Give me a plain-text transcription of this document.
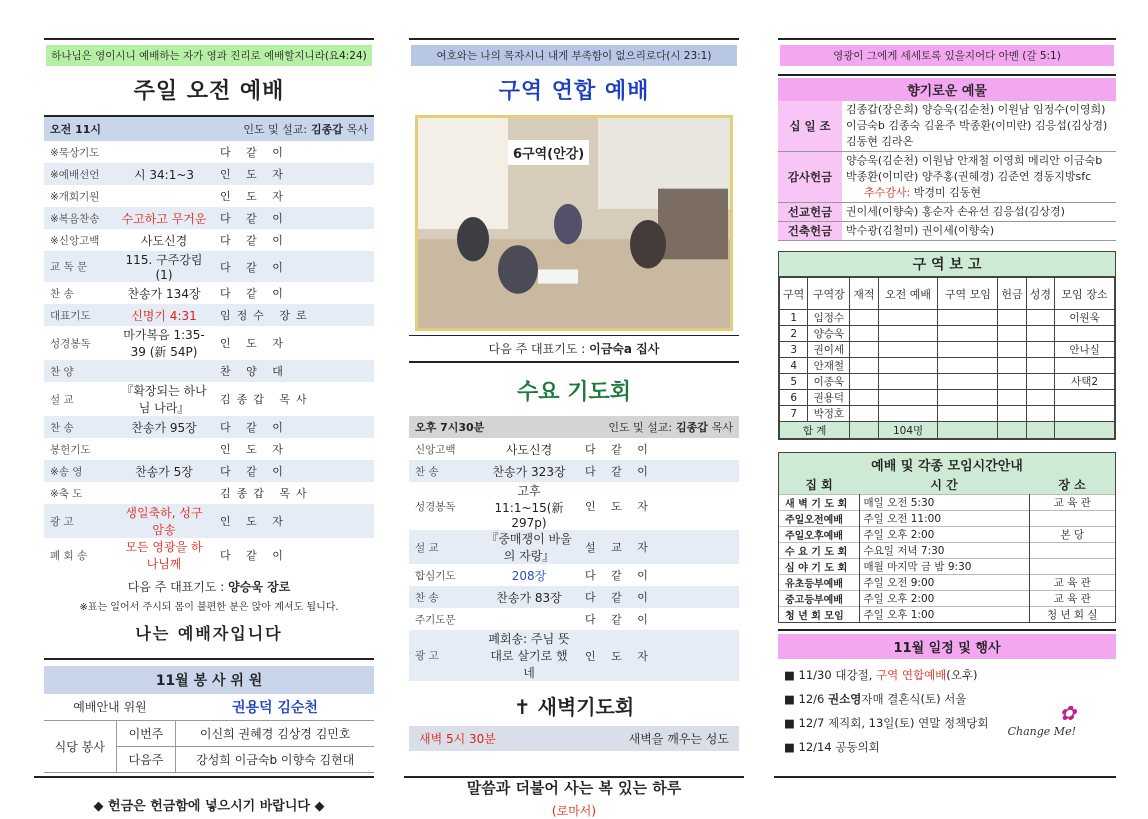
하나님은 영이시니 예배하는 자가 영과 진리로 예배할지니라(요4:24)
주일 오전 예배
오전 11시		인도 및 설교: 김종갑 목사
※묵상기도		다 같 이
※예배선언	시 34:1~3	인 도 자
※개회기원		인 도 자
※복음찬송	수고하고 무거운	다 같 이
※신앙고백	사도신경	다 같 이
교 독 문	115. 구주강림(1)	다 같 이
찬 송	찬송가 134장	다 같 이
대표기도	신명기 4:31	임정수 장로
성경봉독	마가복음 1:35-39 (新 54P)	인 도 자
찬 양		찬 양 대
설 교	『확장되는 하나님 나라』	김종갑 목사
찬 송	찬송가 95장	다 같 이
봉헌기도		인 도 자
※송 영	찬송가 5장	다 같 이
※축 도		김종갑 목사
광 고	생일축하, 성구암송	인 도 자
폐 회 송	모든 영광을 하나님께	다 같 이
다음 주 대표기도 : 양승욱 장로
※표는 일어서 주시되 몸이 불편한 분은 앉아 계셔도 됩니다.
나는 예배자입니다
11월 봉 사 위 원
예배안내 위원		권용덕 김순천
식당 봉사	이번주	이신희 권혜경 김상경 김민호
	다음주	강성희 이금숙b 이향숙 김현대
◆ 헌금은 헌금함에 넣으시기 바랍니다 ◆
여호와는 나의 목자시니 내게 부족함이 없으리로다(시 23:1)
구역 연합 예배
6구역(안강)
다음 주 대표기도 : 이금숙a 집사
수요 기도회
오후 7시30분		인도 및 설교: 김종갑 목사
신앙고백	사도신경	다 같 이
찬 송	찬송가 323장	다 같 이
성경봉독	고후 11:1~15(新 297p)	인 도 자
설 교	『중매쟁이 바울의 자랑』	설 교 자
합심기도	208장	다 같 이
찬 송	찬송가 83장	다 같 이
주기도문		다 같 이
광 고	폐회송: 주님 뜻대로 살기로 했네	인 도 자
✝ 새벽기도회
새벽 5시 30분	새벽을 깨우는 성도
말씀과 더불어 사는 복 있는 하루
(로마서)
영광이 그에게 세세토록 있을지어다 아멘 (갈 5:1)
향기로운 예물
십 일 조	김종갑(장은희) 양승욱(김순천) 이원남 임정수(이영희) 이금숙b 김종숙 김윤주 박종환(이미란) 김응섭(김상경) 김동현 김라온
감사헌금	양승욱(김순천) 이원남 안재철 이영희 메리안 이금숙b 박종환(이미란) 양주홍(권혜경) 김준연 경동지방sfc 추수감사: 박경미 김동현
선교헌금	권이세(이향숙) 홍순자 손유선 김응섭(김상경)
건축헌금	박수광(김철미) 권이세(이향숙)
구 역 보 고
구역	구역장	재적	오전 예배	구역 모임	헌금	성경	모임 장소
1	임정수						이원욱
2	양승욱						
3	권이세						안나실
4	안재철						
5	이종욱						사택2
6	권용덕						
7	박정호						
합 계			104명				
예배 및 각종 모임시간안내
집 회	시 간	장 소
새 벽 기 도 회	매일 오전 5:30	교 육 관
주일오전예배	주일 오전 11:00	
주일오후예배	주일 오후 2:00	본 당
수 요 기 도 회	수요일 저녁 7:30	
심 야 기 도 회	매월 마지막 금 밤 9:30	
유초등부예배	주일 오전 9:00	교 육 관
중고등부예배	주일 오후 2:00	교 육 관
청 년 회 모임	주일 오후 1:00	청 년 회 실
11월 일정 및 행사
■ 11/30 대강절, 구역 연합예배(오후)
■ 12/6 권소영자매 결혼식(토) 서울
■ 12/7 제직회, 13일(토) 연말 정책당회
■ 12/14 공동의회
✿
Change Me!
